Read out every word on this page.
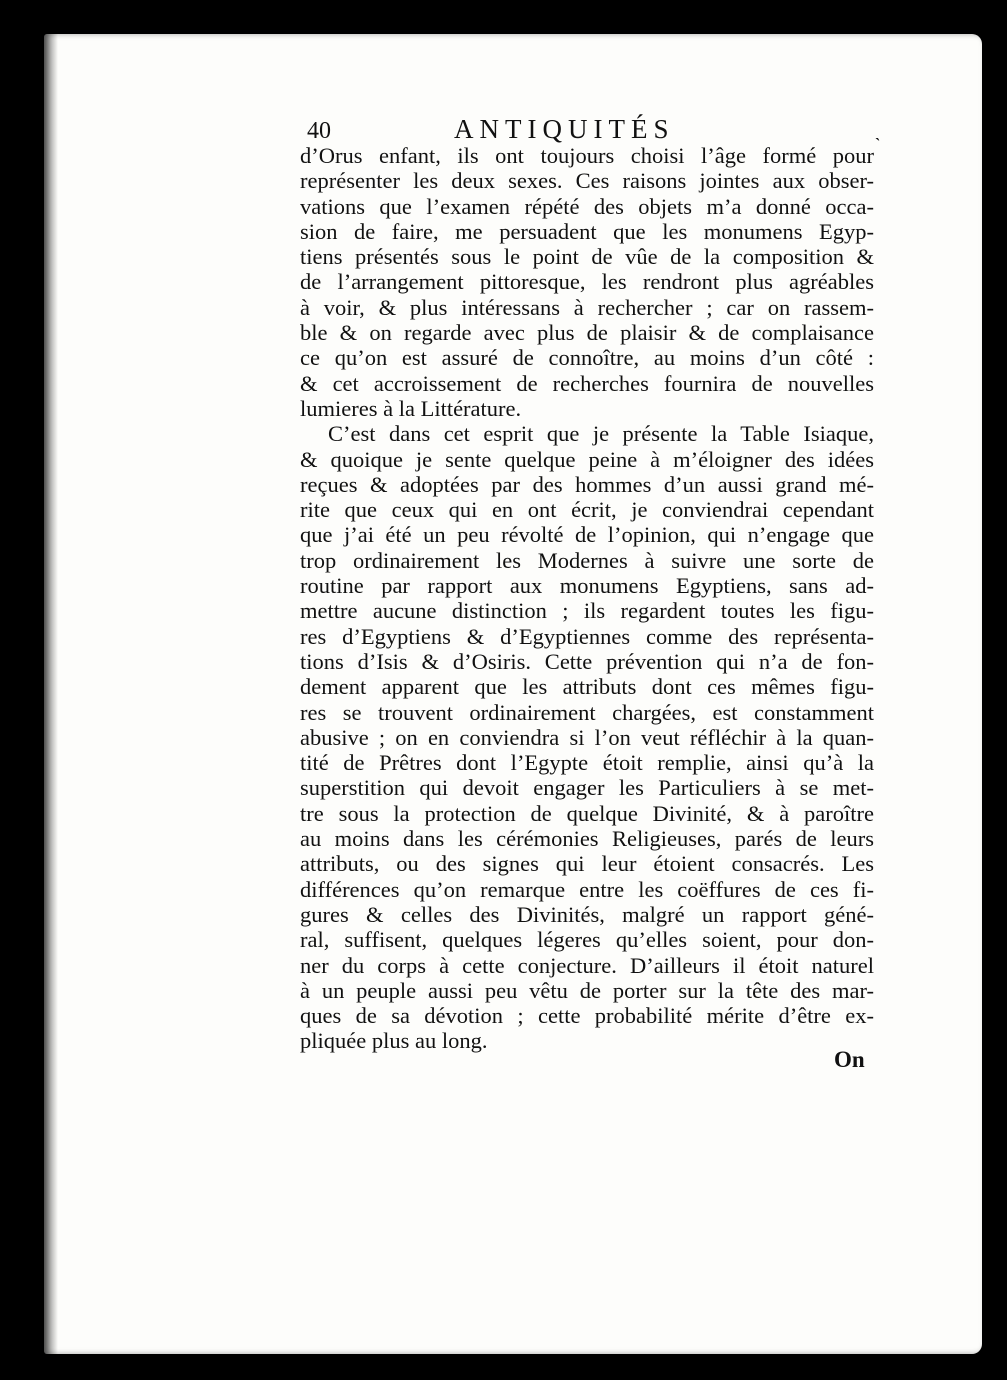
40	ANTIQUITÉS
`
d’Orus enfant, ils ont toujours choisi l’âge formé pour
représenter les deux sexes. Ces raisons jointes aux obser-
vations que l’examen répété des objets m’a donné occa-
sion de faire, me persuadent que les monumens Egyp-
tiens présentés sous le point de vûe de la composition &
de l’arrangement pittoresque, les rendront plus agréables
à voir, & plus intéressans à rechercher ; car on rassem-
ble & on regarde avec plus de plaisir & de complaisance
ce qu’on est assuré de connoître, au moins d’un côté :
& cet accroissement de recherches fournira de nouvelles
lumieres à la Littérature.
C’est dans cet esprit que je présente la Table Isiaque,
& quoique je sente quelque peine à m’éloigner des idées
reçues & adoptées par des hommes d’un aussi grand mé-
rite que ceux qui en ont écrit, je conviendrai cependant
que j’ai été un peu révolté de l’opinion, qui n’engage que
trop ordinairement les Modernes à suivre une sorte de
routine par rapport aux monumens Egyptiens, sans ad-
mettre aucune distinction ; ils regardent toutes les figu-
res d’Egyptiens & d’Egyptiennes comme des représenta-
tions d’Isis & d’Osiris. Cette prévention qui n’a de fon-
dement apparent que les attributs dont ces mêmes figu-
res se trouvent ordinairement chargées, est constamment
abusive ; on en conviendra si l’on veut réfléchir à la quan-
tité de Prêtres dont l’Egypte étoit remplie, ainsi qu’à la
superstition qui devoit engager les Particuliers à se met-
tre sous la protection de quelque Divinité, & à paroître
au moins dans les cérémonies Religieuses, parés de leurs
attributs, ou des signes qui leur étoient consacrés. Les
différences qu’on remarque entre les coëffures de ces fi-
gures & celles des Divinités, malgré un rapport géné-
ral, suffisent, quelques légeres qu’elles soient, pour don-
ner du corps à cette conjecture. D’ailleurs il étoit naturel
à un peuple aussi peu vêtu de porter sur la tête des mar-
ques de sa dévotion ; cette probabilité mérite d’être ex-
pliquée plus au long.
On
